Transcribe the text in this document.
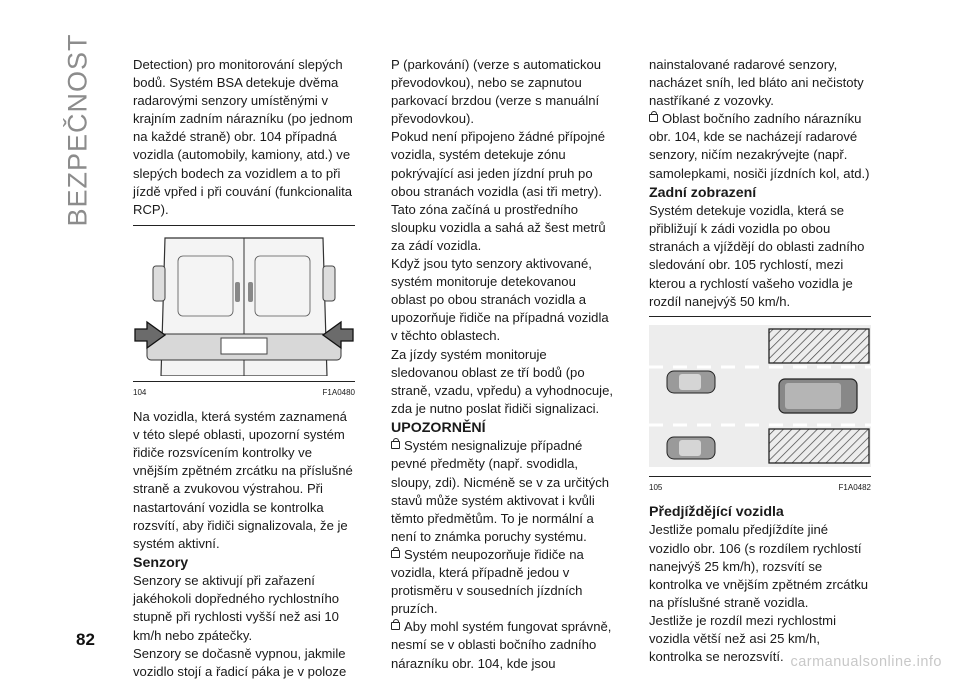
BEZPEČNOST	Detection) pro monitorování slepých bodů. Systém BSA detekuje dvěma radarovými senzory umístěnými v krajním zadním nárazníku (po jednom na každé straně) obr. 104 případná vozidla (automobily, kamiony, atd.) ve slepých bodech za vozidlem a to při jízdě vpřed i při couvání (funkcionalita RCP).

104	F1A0480

Na vozidla, která systém zaznamená v této slepé oblasti, upozorní systém řidiče rozsvícením kontrolky ve vnějším zpětném zrcátku na příslušné straně a zvukovou výstrahou. Při nastartování vozidla se kontrolka rozsvítí, aby řidiči signalizovala, že je systém aktivní.

Senzory

Senzory se aktivují při zařazení jakéhokoli dopředného rychlostního stupně při rychlosti vyšší než asi 10 km/h nebo zpátečky.

Senzory se dočasně vypnou, jakmile vozidlo stojí a řadicí páka je v poloze

P (parkování) (verze s automatickou převodovkou), nebo se zapnutou parkovací brzdou (verze s manuální převodovkou).

Pokud není připojeno žádné přípojné vozidla, systém detekuje zónu pokrývající asi jeden jízdní pruh po obou stranách vozidla (asi tři metry).

Tato zóna začíná u prostředního sloupku vozidla a sahá až šest metrů za zádí vozidla.

Když jsou tyto senzory aktivované, systém monitoruje detekovanou oblast po obou stranách vozidla a upozorňuje řidiče na případná vozidla v těchto oblastech.

Za jízdy systém monitoruje sledovanou oblast ze tří bodů (po straně, vzadu, vpředu) a vyhodnocuje, zda je nutno poslat řidiči signalizaci.

UPOZORNĚNÍ

Systém nesignalizuje případné pevné předměty (např. svodidla, sloupy, zdi). Nicméně se v za určitých stavů může systém aktivovat i kvůli těmto předmětům. To je normální a není to známka poruchy systému.

Systém neupozorňuje řidiče na vozidla, která případně jedou v protisměru v sousedních jízdních pruzích.

Aby mohl systém fungovat správně, nesmí se v oblasti bočního zadního nárazníku obr. 104, kde jsou

nainstalované radarové senzory, nacházet sníh, led bláto ani nečistoty nastříkané z vozovky.

Oblast bočního zadního nárazníku obr. 104, kde se nacházejí radarové senzory, ničím nezakrývejte (např. samolepkami, nosiči jízdních kol, atd.)

Zadní zobrazení

Systém detekuje vozidla, která se přibližují k zádi vozidla po obou stranách a vjíždějí do oblasti zadního sledování obr. 105 rychlostí, mezi kterou a rychlostí vašeho vozidla je rozdíl nanejvýš 50 km/h.

105	F1A0482
Předjíždějící vozidla

Jestliže pomalu předjíždíte jiné vozidlo obr. 106 (s rozdílem rychlostí nanejvýš 25 km/h), rozsvítí se kontrolka ve vnějším zpětném zrcátku na příslušné straně vozidla.

Jestliže je rozdíl mezi rychlostmi vozidla větší než asi 25 km/h, kontrolka se nerozsvítí.

82
carmanualsonline.info
